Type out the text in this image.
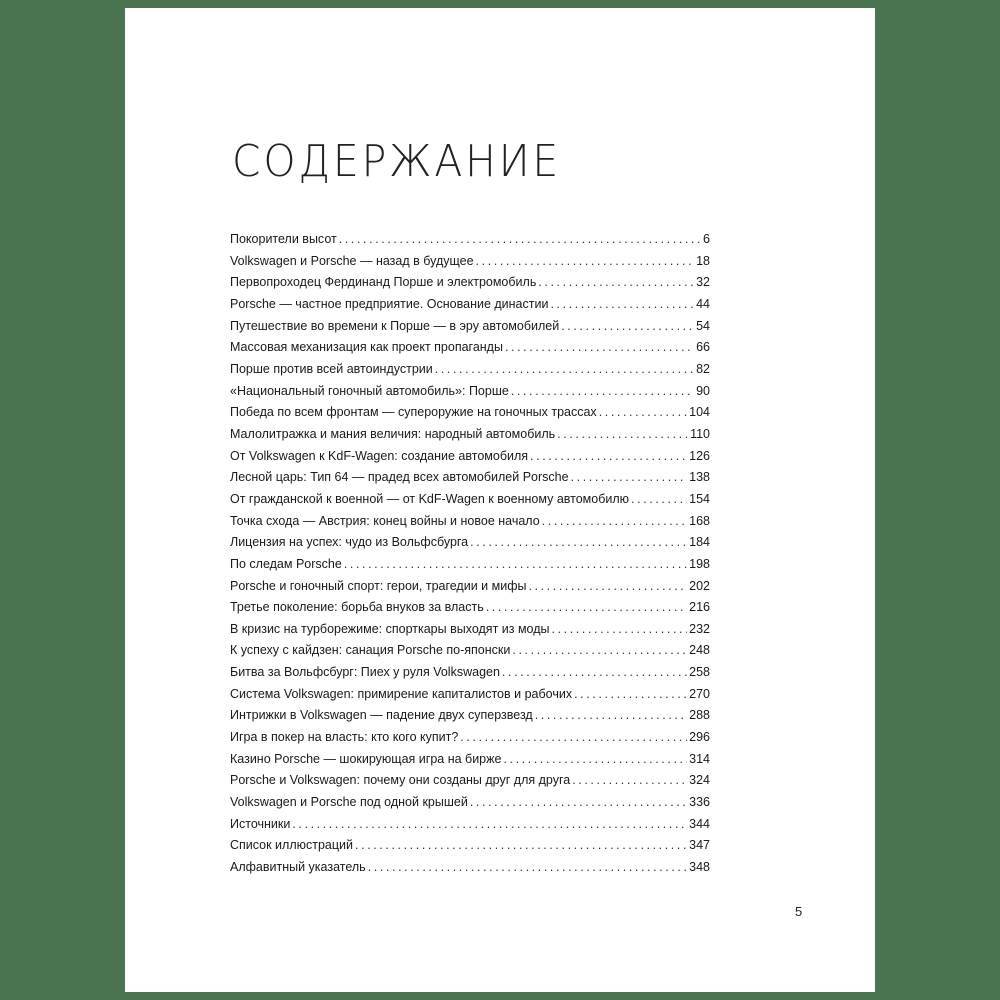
СОДЕРЖАНИЕ
Покорители высот .....	6
Volkswagen и Porsche — назад в будущее .....	18
Первопроходец Фердинанд Порше и электромобиль .....	32
Porsche — частное предприятие. Основание династии .....	44
Путешествие во времени к Порше — в эру автомобилей .....	54
Массовая механизация как проект пропаганды .....	66
Порше против всей автоиндустрии .....	82
«Национальный гоночный автомобиль»: Порше .....	90
Победа по всем фронтам — супероружие на гоночных трассах .....	104
Малолитражка и мания величия: народный автомобиль .....	110
От Volkswagen к KdF-Wagen: создание автомобиля .....	126
Лесной царь: Тип 64 — прадед всех автомобилей Porsche .....	138
От гражданской к военной — от KdF-Wagen к военному автомобилю .....	154
Точка схода — Австрия: конец войны и новое начало .....	168
Лицензия на успех: чудо из Вольфсбурга .....	184
По следам Porsche .....	198
Porsche и гоночный спорт: герои, трагедии и мифы .....	202
Третье поколение: борьба внуков за власть .....	216
В кризис на турборежиме: спорткары выходят из моды .....	232
К успеху с кайдзен: санация Porsche по-японски .....	248
Битва за Вольфсбург: Пиех у руля Volkswagen .....	258
Система Volkswagen: примирение капиталистов и рабочих .....	270
Интрижки в Volkswagen — падение двух суперзвезд .....	288
Игра в покер на власть: кто кого купит? .....	296
Казино Porsche — шокирующая игра на бирже .....	314
Porsche и Volkswagen: почему они созданы друг для друга .....	324
Volkswagen и Porsche под одной крышей .....	336
Источники .....	344
Список иллюстраций .....	347
Алфавитный указатель .....	348
5
